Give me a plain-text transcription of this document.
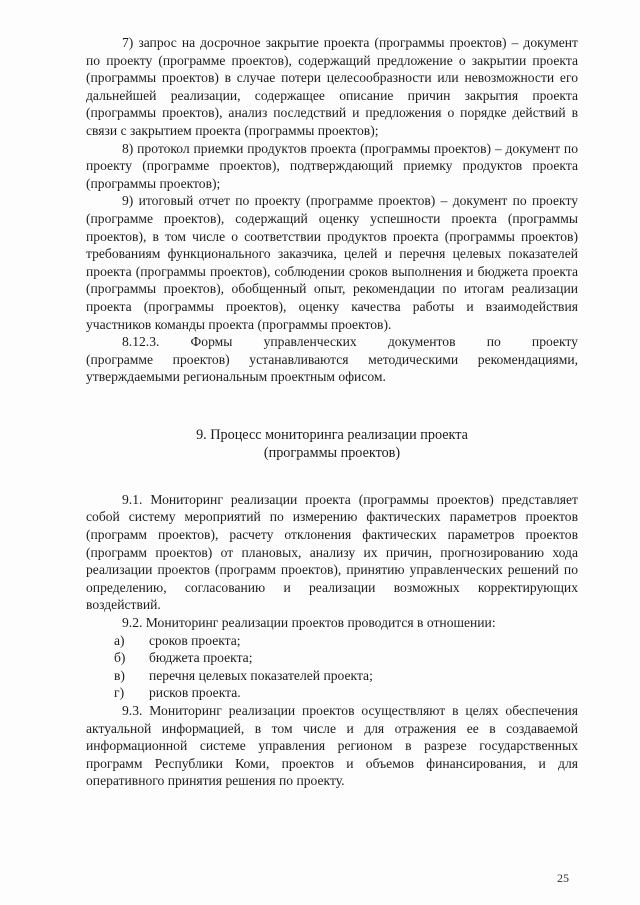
7) запрос на досрочное закрытие проекта (программы проектов) – документ по проекту (программе проектов), содержащий предложение о закрытии проекта (программы проектов) в случае потери целесообразности или невозможности его дальнейшей реализации, содержащее описание причин закрытия проекта (программы проектов), анализ последствий и предложения о порядке действий в связи с закрытием проекта (программы проектов);

8) протокол приемки продуктов проекта (программы проектов) – документ по проекту (программе проектов), подтверждающий приемку продуктов проекта (программы проектов);

9) итоговый отчет по проекту (программе проектов) – документ по проекту (программе проектов), содержащий оценку успешности проекта (программы проектов), в том числе о соответствии продуктов проекта (программы проектов) требованиям функционального заказчика, целей и перечня целевых показателей проекта (программы проектов), соблюдении сроков выполнения и бюджета проекта (программы проектов), обобщенный опыт, рекомендации по итогам реализации проекта (программы проектов), оценку качества работы и взаимодействия участников команды проекта (программы проектов).

8.12.3. Формы управленческих документов по проекту

(программе проектов) устанавливаются методическими рекомендациями, утверждаемыми региональным проектным офисом.

9. Процесс мониторинга реализации проекта
(программы проектов)

9.1. Мониторинг реализации проекта (программы проектов) представляет собой систему мероприятий по измерению фактических параметров проектов (программ проектов), расчету отклонения фактических параметров проектов (программ проектов) от плановых, анализу их причин, прогнозированию хода реализации проектов (программ проектов), принятию управленческих решений по определению, согласованию и реализации возможных корректирующих воздействий.

9.2. Мониторинг реализации проектов проводится в отношении:

а)	сроков проекта;
б)	бюджета проекта;
в)	перечня целевых показателей проекта;
г)	рисков проекта.

9.3. Мониторинг реализации проектов осуществляют в целях обеспечения актуальной информацией, в том числе и для отражения ее в создаваемой информационной системе управления регионом в разрезе государственных программ Республики Коми, проектов и объемов финансирования, и для оперативного принятия решения по проекту.

25
